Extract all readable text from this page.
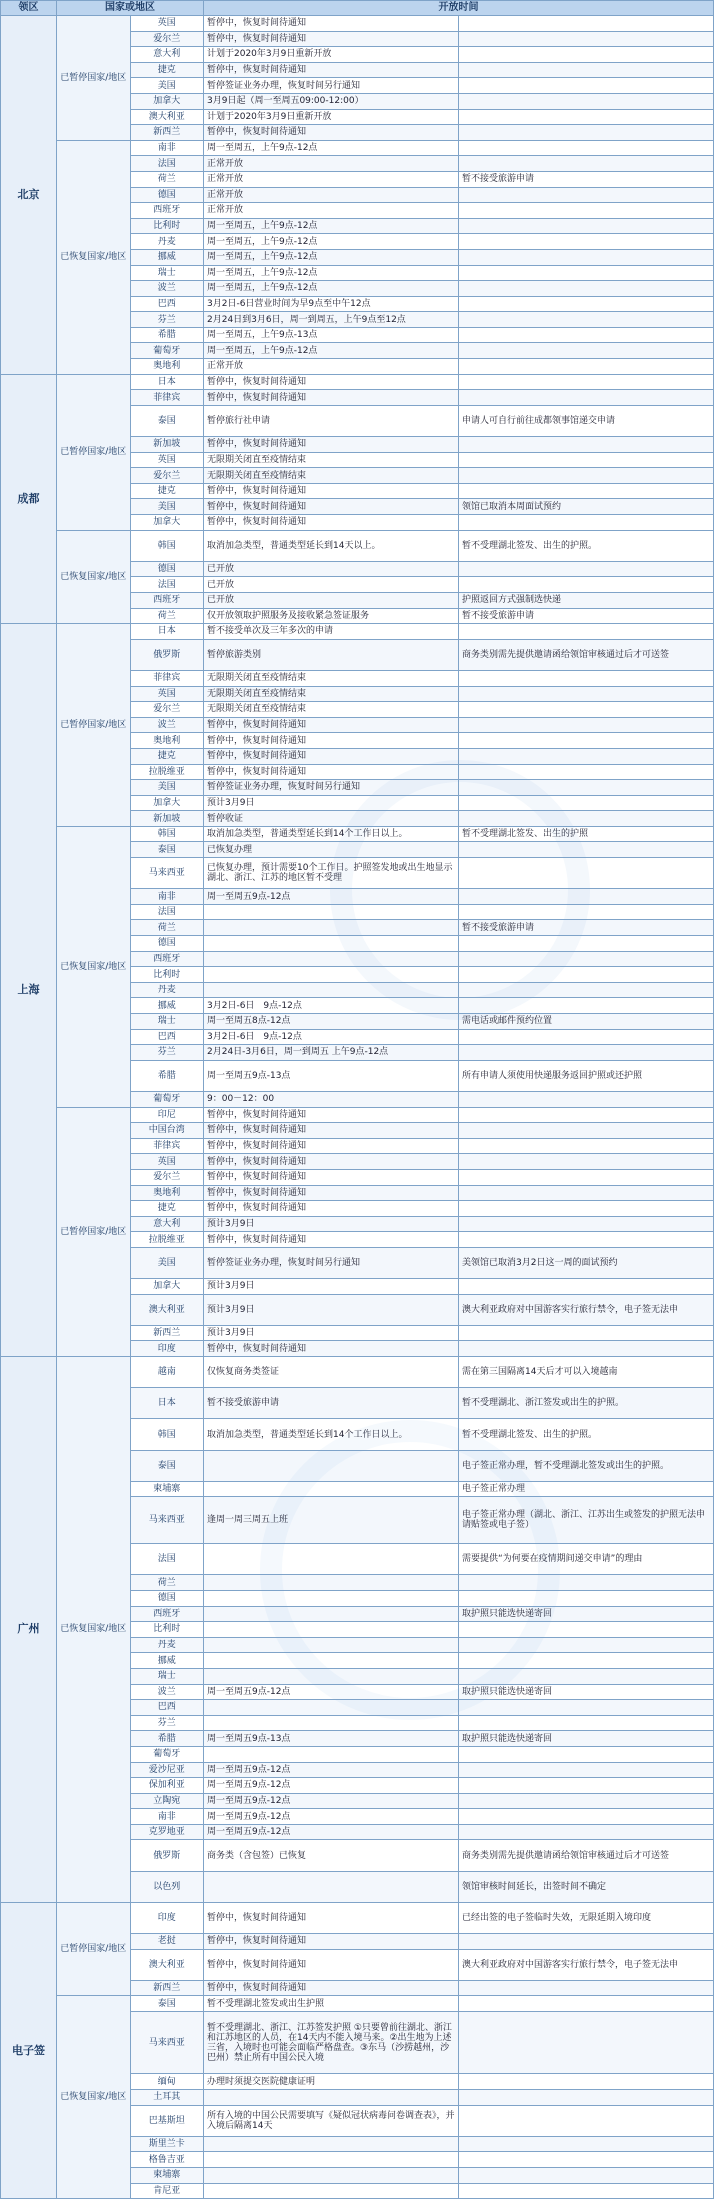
领区	国家或地区		开放时间	
北京	已暂停国家/地区	英国	暂停中，恢复时间待通知	
		爱尔兰	暂停中，恢复时间待通知	
		意大利	计划于2020年3月9日重新开放	
		捷克	暂停中，恢复时间待通知	
		美国	暂停签证业务办理，恢复时间另行通知	
		加拿大	3月9日起（周一至周五09:00-12:00）	
		澳大利亚	计划于2020年3月9日重新开放	
		新西兰	暂停中，恢复时间待通知	
	已恢复国家/地区	南非	周一至周五，上午9点-12点	
		法国	正常开放	
		荷兰	正常开放	暂不接受旅游申请
		德国	正常开放	
		西班牙	正常开放	
		比利时	周一至周五，上午9点-12点	
		丹麦	周一至周五，上午9点-12点	
		挪威	周一至周五，上午9点-12点	
		瑞士	周一至周五，上午9点-12点	
		波兰	周一至周五，上午9点-12点	
		巴西	3月2日-6日营业时间为早9点至中午12点	
		芬兰	2月24日到3月6日，周一到周五，上午9点至12点	
		希腊	周一至周五，上午9点-13点	
		葡萄牙	周一至周五，上午9点-12点	
		奥地利	正常开放	
成都	已暂停国家/地区	日本	暂停中，恢复时间待通知	
		菲律宾	暂停中，恢复时间待通知	
		泰国	暂停旅行社申请	申请人可自行前往成都领事馆递交申请
		新加坡	暂停中，恢复时间待通知	
		英国	无限期关闭直至疫情结束	
		爱尔兰	无限期关闭直至疫情结束	
		捷克	暂停中，恢复时间待通知	
		美国	暂停中，恢复时间待通知	领馆已取消本周面试预约
		加拿大	暂停中，恢复时间待通知	
	已恢复国家/地区	韩国	取消加急类型，普通类型延长到14天以上。	暂不受理湖北签发、出生的护照。
		德国	已开放	
		法国	已开放	
		西班牙	已开放	护照返回方式强制选快递
		荷兰	仅开放领取护照服务及接收紧急签证服务	暂不接受旅游申请
上海	已暂停国家/地区	日本	暂不接受单次及三年多次的申请	
		俄罗斯	暂停旅游类别	商务类别需先提供邀请函给领馆审核通过后才可送签
		菲律宾	无限期关闭直至疫情结束	
		英国	无限期关闭直至疫情结束	
		爱尔兰	无限期关闭直至疫情结束	
		波兰	暂停中，恢复时间待通知	
		奥地利	暂停中，恢复时间待通知	
		捷克	暂停中，恢复时间待通知	
		拉脱维亚	暂停中，恢复时间待通知	
		美国	暂停签证业务办理，恢复时间另行通知	
		加拿大	预计3月9日	
		新加坡	暂停收证	
	已恢复国家/地区	韩国	取消加急类型，普通类型延长到14个工作日以上。	暂不受理湖北签发、出生的护照
		泰国	已恢复办理	
		马来西亚	已恢复办理，预计需要10个工作日。护照签发地或出生地显示湖北、浙江、江苏的地区暂不受理	
		南非	周一至周五9点-12点	
		法国		
		荷兰		暂不接受旅游申请
		德国		
		西班牙		
		比利时		
		丹麦		
		挪威	3月2日-6日　9点-12点	
		瑞士	周一至周五8点-12点	需电话或邮件预约位置
		巴西	3月2日-6日　9点-12点	
		芬兰	2月24日-3月6日，周一到周五 上午9点-12点	
		希腊	周一至周五9点-13点	所有申请人须使用快递服务返回护照或还护照
		葡萄牙	9：00－12：00	
	已暂停国家/地区	印尼	暂停中，恢复时间待通知	
		中国台湾	暂停中，恢复时间待通知	
		菲律宾	暂停中，恢复时间待通知	
		英国	暂停中，恢复时间待通知	
		爱尔兰	暂停中，恢复时间待通知	
		奥地利	暂停中，恢复时间待通知	
		捷克	暂停中，恢复时间待通知	
		意大利	预计3月9日	
		拉脱维亚	暂停中，恢复时间待通知	
		美国	暂停签证业务办理，恢复时间另行通知	美领馆已取消3月2日这一周的面试预约
		加拿大	预计3月9日	
		澳大利亚	预计3月9日	澳大利亚政府对中国游客实行旅行禁令，电子签无法申
		新西兰	预计3月9日	
		印度	暂停中，恢复时间待通知	
广州	已恢复国家/地区	越南	仅恢复商务类签证	需在第三国隔离14天后才可以入境越南
		日本	暂不接受旅游申请	暂不受理湖北、浙江签发或出生的护照。
		韩国	取消加急类型，普通类型延长到14个工作日以上。	暂不受理湖北签发、出生的护照。
		泰国		电子签正常办理，暂不受理湖北签发或出生的护照。
		柬埔寨		电子签正常办理
		马来西亚	逢周一周三周五上班	电子签正常办理（湖北、浙江、江苏出生或签发的护照无法申请贴签或电子签）
		法国		需要提供“为何要在疫情期间递交申请”的理由
		荷兰		
		德国		
		西班牙		取护照只能选快递寄回
		比利时		
		丹麦		
		挪威		
		瑞士		
		波兰	周一至周五9点-12点	取护照只能选快递寄回
		巴西		
		芬兰		
		希腊	周一至周五9点-13点	取护照只能选快递寄回
		葡萄牙		
		爱沙尼亚	周一至周五9点-12点	
		保加利亚	周一至周五9点-12点	
		立陶宛	周一至周五9点-12点	
		南非	周一至周五9点-12点	
		克罗地亚	周一至周五9点-12点	
		俄罗斯	商务类（含包签）已恢复	商务类别需先提供邀请函给领馆审核通过后才可送签
		以色列		领馆审核时间延长，出签时间不确定
电子签	已暂停国家/地区	印度	暂停中，恢复时间待通知	已经出签的电子签临时失效，无限延期入境印度
		老挝	暂停中，恢复时间待通知	
		澳大利亚	暂停中，恢复时间待通知	澳大利亚政府对中国游客实行旅行禁令，电子签无法申
		新西兰	暂停中，恢复时间待通知	
	已恢复国家/地区	泰国	暂不受理湖北签发或出生护照	
		马来西亚	暂不受理湖北、浙江、江苏签发护照 ①只要曾前往湖北、浙江和江苏地区的人员，在14天内不能入境马来。②出生地为上述三省，入境时也可能会面临严格盘查。③东马（沙捞越州，沙巴州）禁止所有中国公民入境	
		缅甸	办理时须提交医院健康证明	
		土耳其		
		巴基斯坦	所有入境的中国公民需要填写《疑似冠状病毒问卷调查表》，并入境后隔离14天	
		斯里兰卡		
		格鲁吉亚		
		柬埔寨		
		肯尼亚		
